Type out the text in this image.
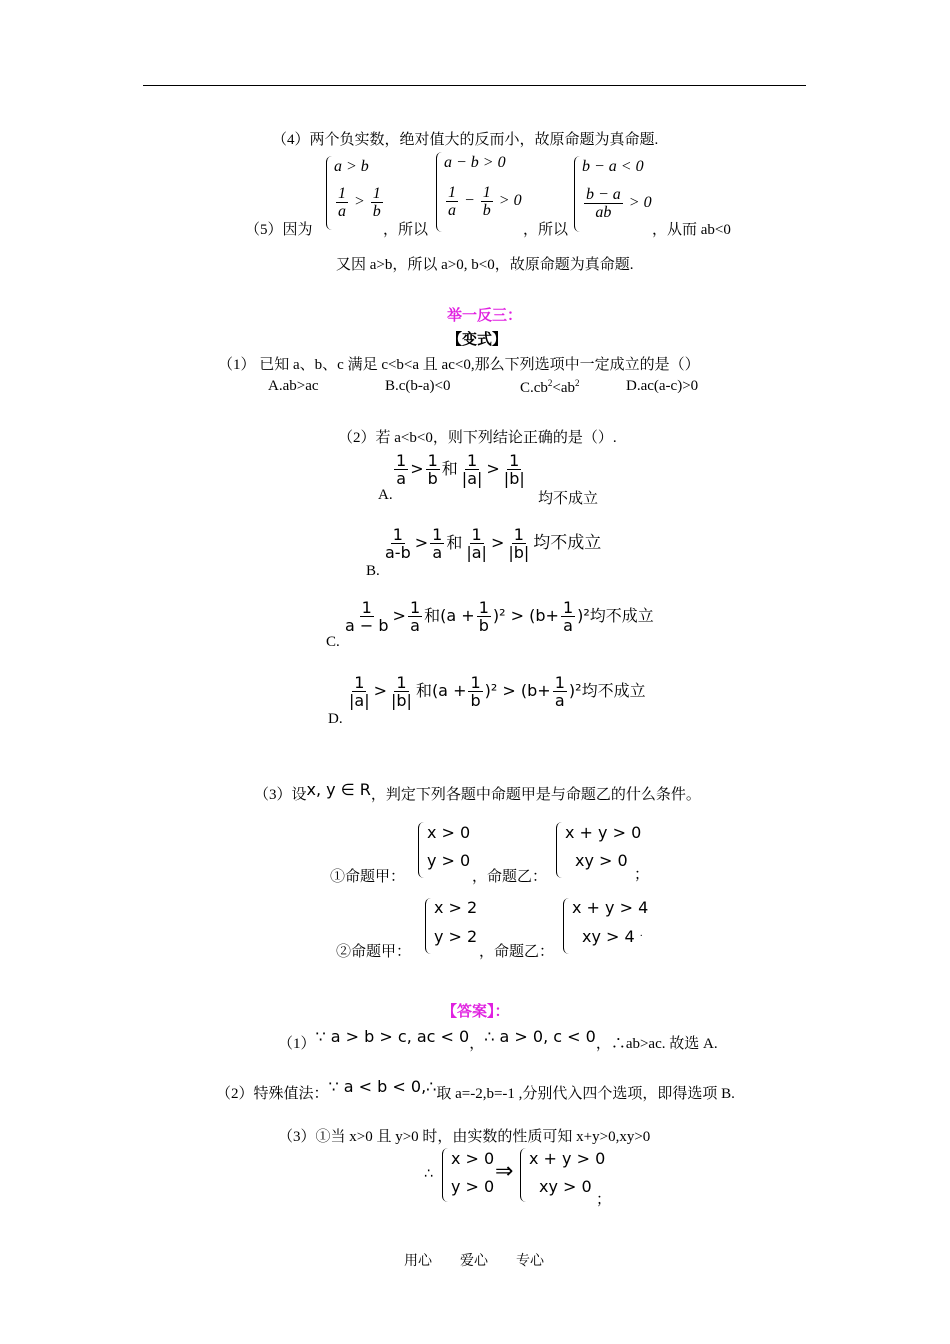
（4）两个负实数，绝对值大的反而小，故原命题为真命题.
（5）因为
a > b
$\frac{1}{a} > \frac{1}{b}$
，所以
a − b > 0
$\frac{1}{a} - \frac{1}{b} > 0$
，所以
b − a < 0
$\frac{b - a}{ab} > 0$
，从而 ab<0
又因 a>b，所以 a>0, b<0，故原命题为真命题.
举一反三：
【变式】
（1） 已知 a、b、c 满足 c<b<a 且 ac<0,那么下列选项中一定成立的是（）
A.ab>ac	B.c(b-a)<0	$C.cb^2<ab^2$	D.ac(a-c)>0
（2）若 a<b<0，则下列结论正确的是（）.
A.
$\frac{1}{a} > \frac{1}{b}$ 和 $\frac{1}{|a|} > \frac{1}{|b|}$
均不成立
B.
$\frac{1}{a-b} > \frac{1}{a}$ 和 $\frac{1}{|a|} > \frac{1}{|b|}$ 均不成立
C.
$\frac{1}{a - b} > \frac{1}{a}$ 和$(a + \frac{1}{b} )^2 > (b+ \frac{1}{a} )^2$均不成立
D.
$\frac{1}{|a|} > \frac{1}{|b|}$ 和$(a + \frac{1}{b} )^2 > (b+ \frac{1}{a} )^2$均不成立
（3）设x, y ∈ R，判定下列各题中命题甲是与命题乙的什么条件。
①命题甲：
x > 0
y > 0
，命题乙：
x + y > 0
xy > 0
；
②命题甲：
x > 2
y > 2
，命题乙：
x + y > 4
xy > 4 .
【答案】：
（1）∵ a > b > c, ac < 0，∴ a > 0, c < 0，∴ab>ac. 故选 A.
（2）特殊值法：∵ a < b < 0,∴取 a=-2,b=-1 ,分别代入四个选项，即得选项 B.
（3）①当 x>0 且 y>0 时，由实数的性质可知 x+y>0,xy>0
∴
x > 0
y > 0
⇒
x + y > 0
xy > 0
；
用心 爱心 专心
